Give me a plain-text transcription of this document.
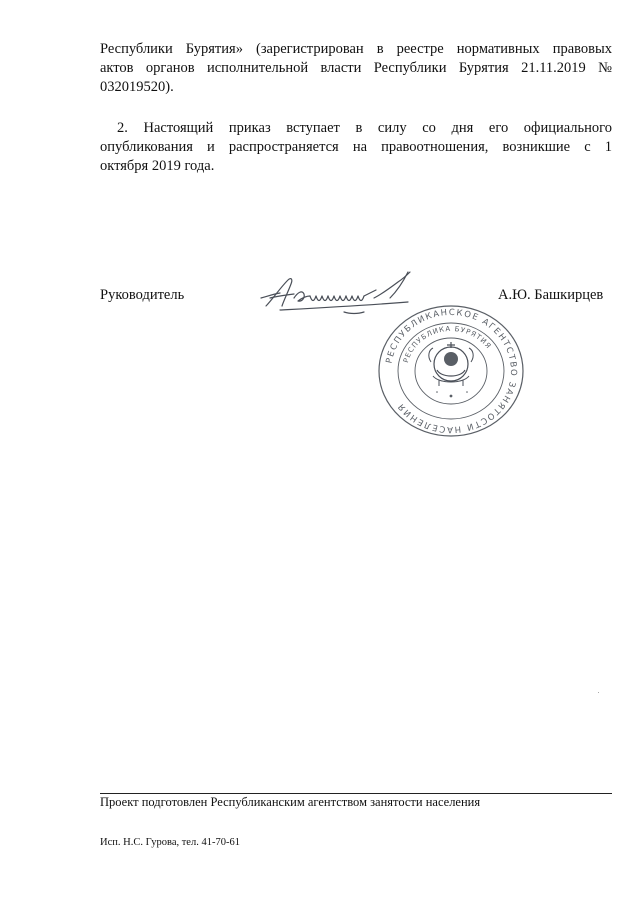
Республики Бурятия» (зарегистрирован в реестре нормативных правовых
актов органов исполнительной власти Республики Бурятия 21.11.2019 №
032019520).
2. Настоящий приказ вступает в силу со дня его официального
опубликования и распространяется на правоотношения, возникшие с 1
октября 2019 года.
Руководитель	А.Ю. Башкирцев
РЕСПУБЛИКАНСКОЕ АГЕНТСТВО ЗАНЯТОСТИ НАСЕЛЕНИЯ
РЕСПУБЛИКА БУРЯТИЯ
Проект подготовлен Республиканским агентством занятости населения
Исп. Н.С. Гурова, тел. 41-70-61
